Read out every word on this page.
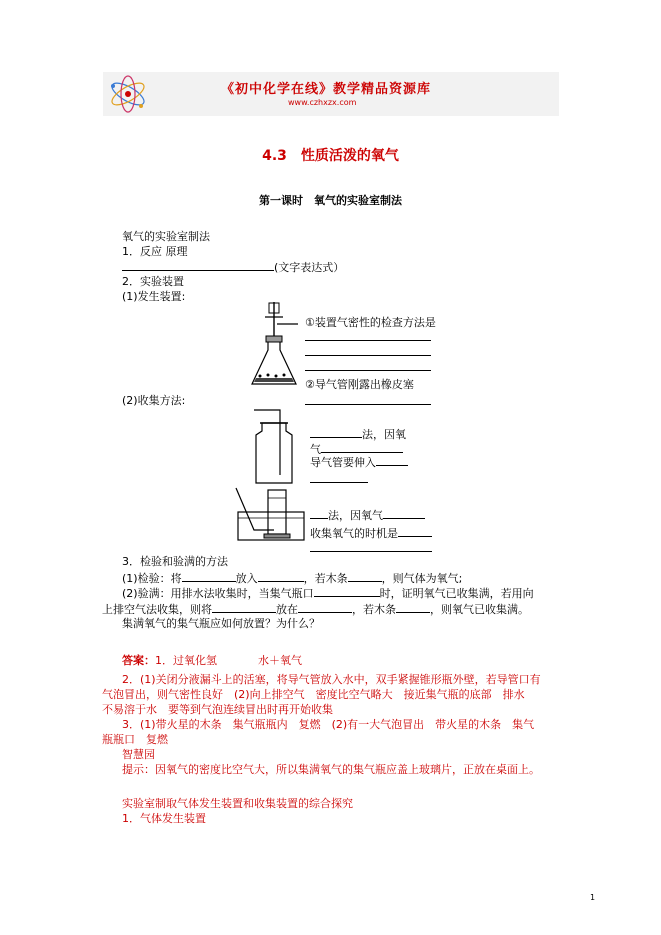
《初中化学在线》教学精品资源库
www.czhxzx.com
4.3　性质活泼的氧气
第一课时　氧气的实验室制法
氧气的实验室制法
1．反应 原理
(文字表达式）
2．实验装置
(1)发生装置:
①装置气密性的检查方法是
②导气管刚露出橡皮塞
(2)收集方法:
法，因氧
气
导气管要伸入
法，因氧气
收集氧气的时机是
3．检验和验满的方法
(1)检验：将	放入	，若木条	，则气体为氧气;
(2)验满：用排水法收集时，当集气瓶口	时，证明氧气已收集满，若用向
上排空气法收集，则将	放在	，若木条	，则氧气已收集满。
集满氧气的集气瓶应如何放置？为什么？
答案：1．过氧化氢	水＋氧气
2．(1)关闭分液漏斗上的活塞，将导气管放入水中，双手紧握锥形瓶外壁，若导管口有
气泡冒出，则气密性良好　(2)向上排空气　密度比空气略大　接近集气瓶的底部　排水
不易溶于水　要等到气泡连续冒出时再开始收集
3．(1)带火星的木条　集气瓶瓶内　复燃　(2)有一大气泡冒出　带火星的木条　集气
瓶瓶口　复燃
智慧园
提示：因氧气的密度比空气大，所以集满氧气的集气瓶应盖上玻璃片，正放在桌面上。
实验室制取气体发生装置和收集装置的综合探究
1．气体发生装置
1
